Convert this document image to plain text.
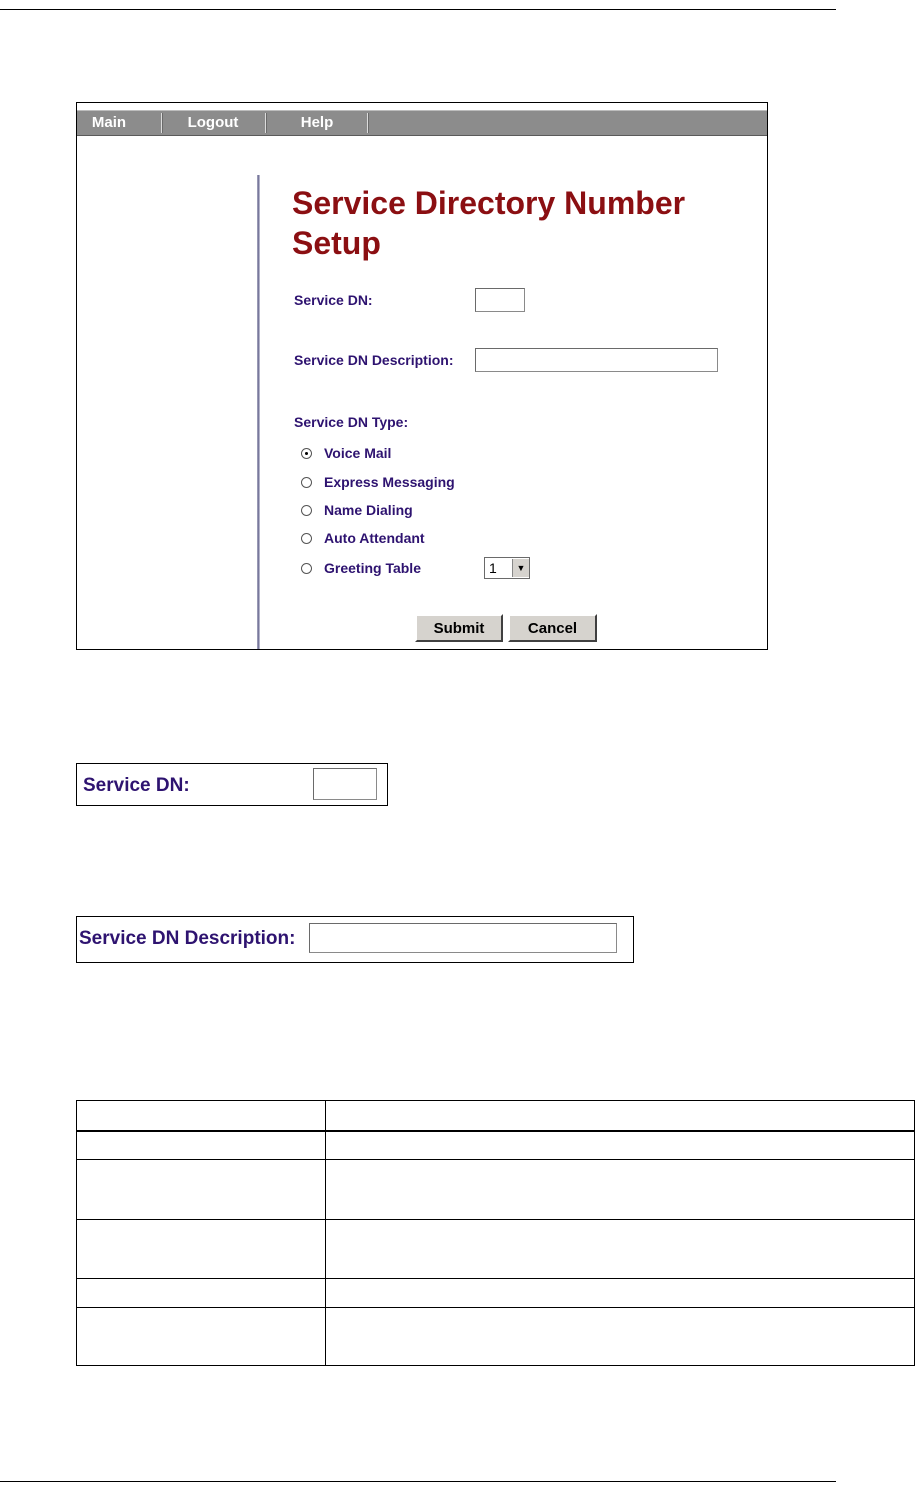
Main	Logout	Help
Service Directory Number Setup
Service DN:
Service DN Description:
Service DN Type:
Voice Mail
Express Messaging
Name Dialing
Auto Attendant
Greeting Table	1	▼
Submit	Cancel
Service DN:
Service DN Description:
